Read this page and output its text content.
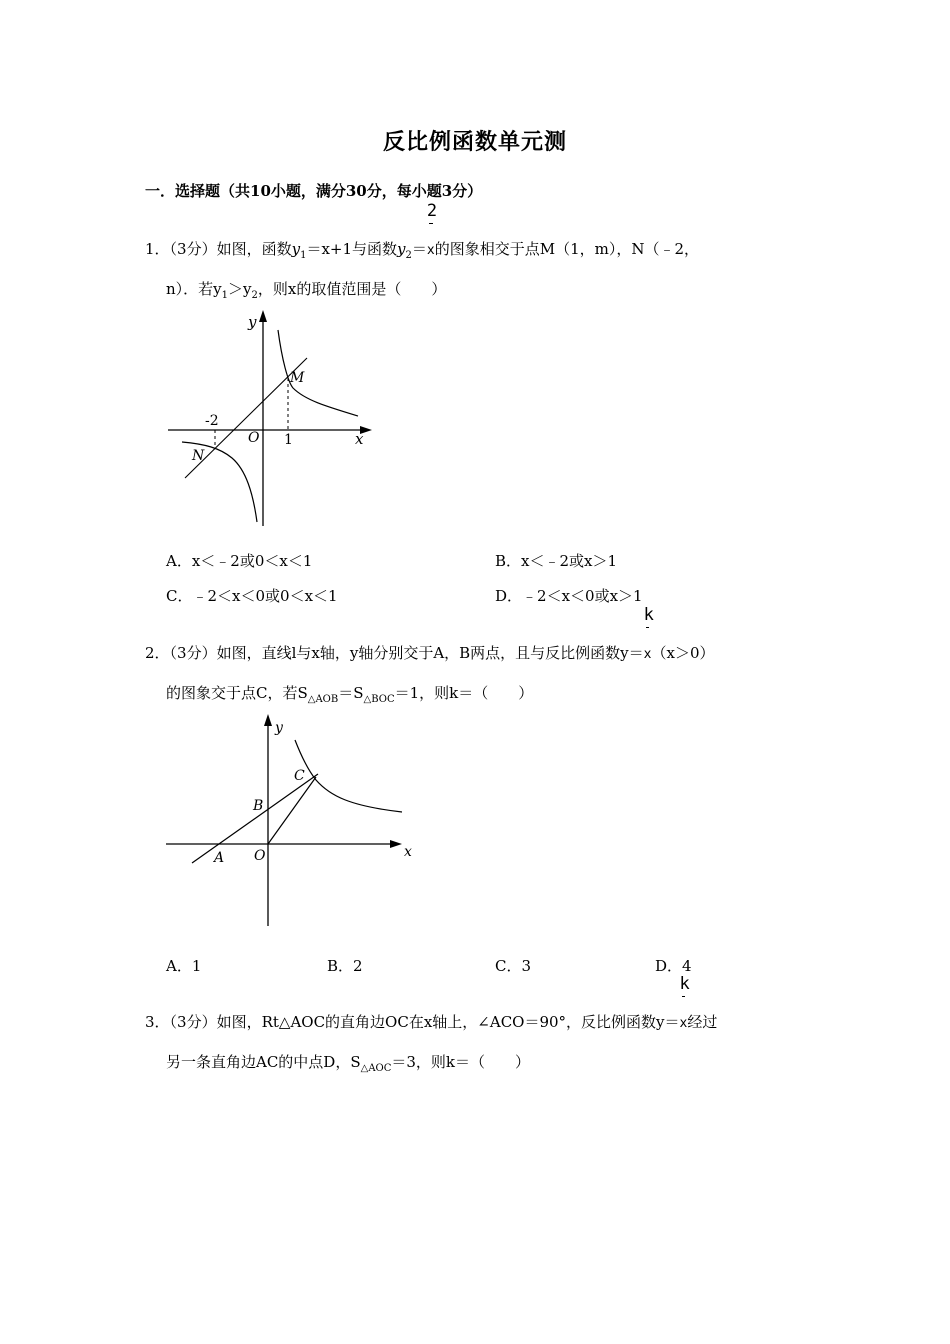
反比例函数单元测
一．选择题（共10小题，满分30分，每小题3分）
1．（3分）如图，函数$y_1=x+1$与函数$y_2= \frac{2}{x}$的图象相交于点M（1，m），N（﹣2，
n）．若$y_1>y_2$，则x的取值范围是（　　）
y
x
O
-2
1
M
N
A．x＜﹣2或0＜x＜1	B．x＜﹣2或x＞1
C．﹣2＜x＜0或0＜x＜1	D．﹣2＜x＜0或x＞1
2．（3分）如图，直线l与x轴，y轴分别交于A，B两点，且与反比例函数$y= \frac{k}{x}(x>0)$
的图象交于点C，若$S_{\triangle AOB}=S_{\triangle BOC}=1$，则k＝（　　）
y
x
O
A
B
C
A．1	B．2	C．3	D．4
3．（3分）如图，Rt△AOC的直角边OC在x轴上，∠ACO＝90°，反比例函数$y= \frac{k}{x}$经过
另一条直角边AC的中点D，$S_{\triangle AOC}=3$，则k＝（　　）
